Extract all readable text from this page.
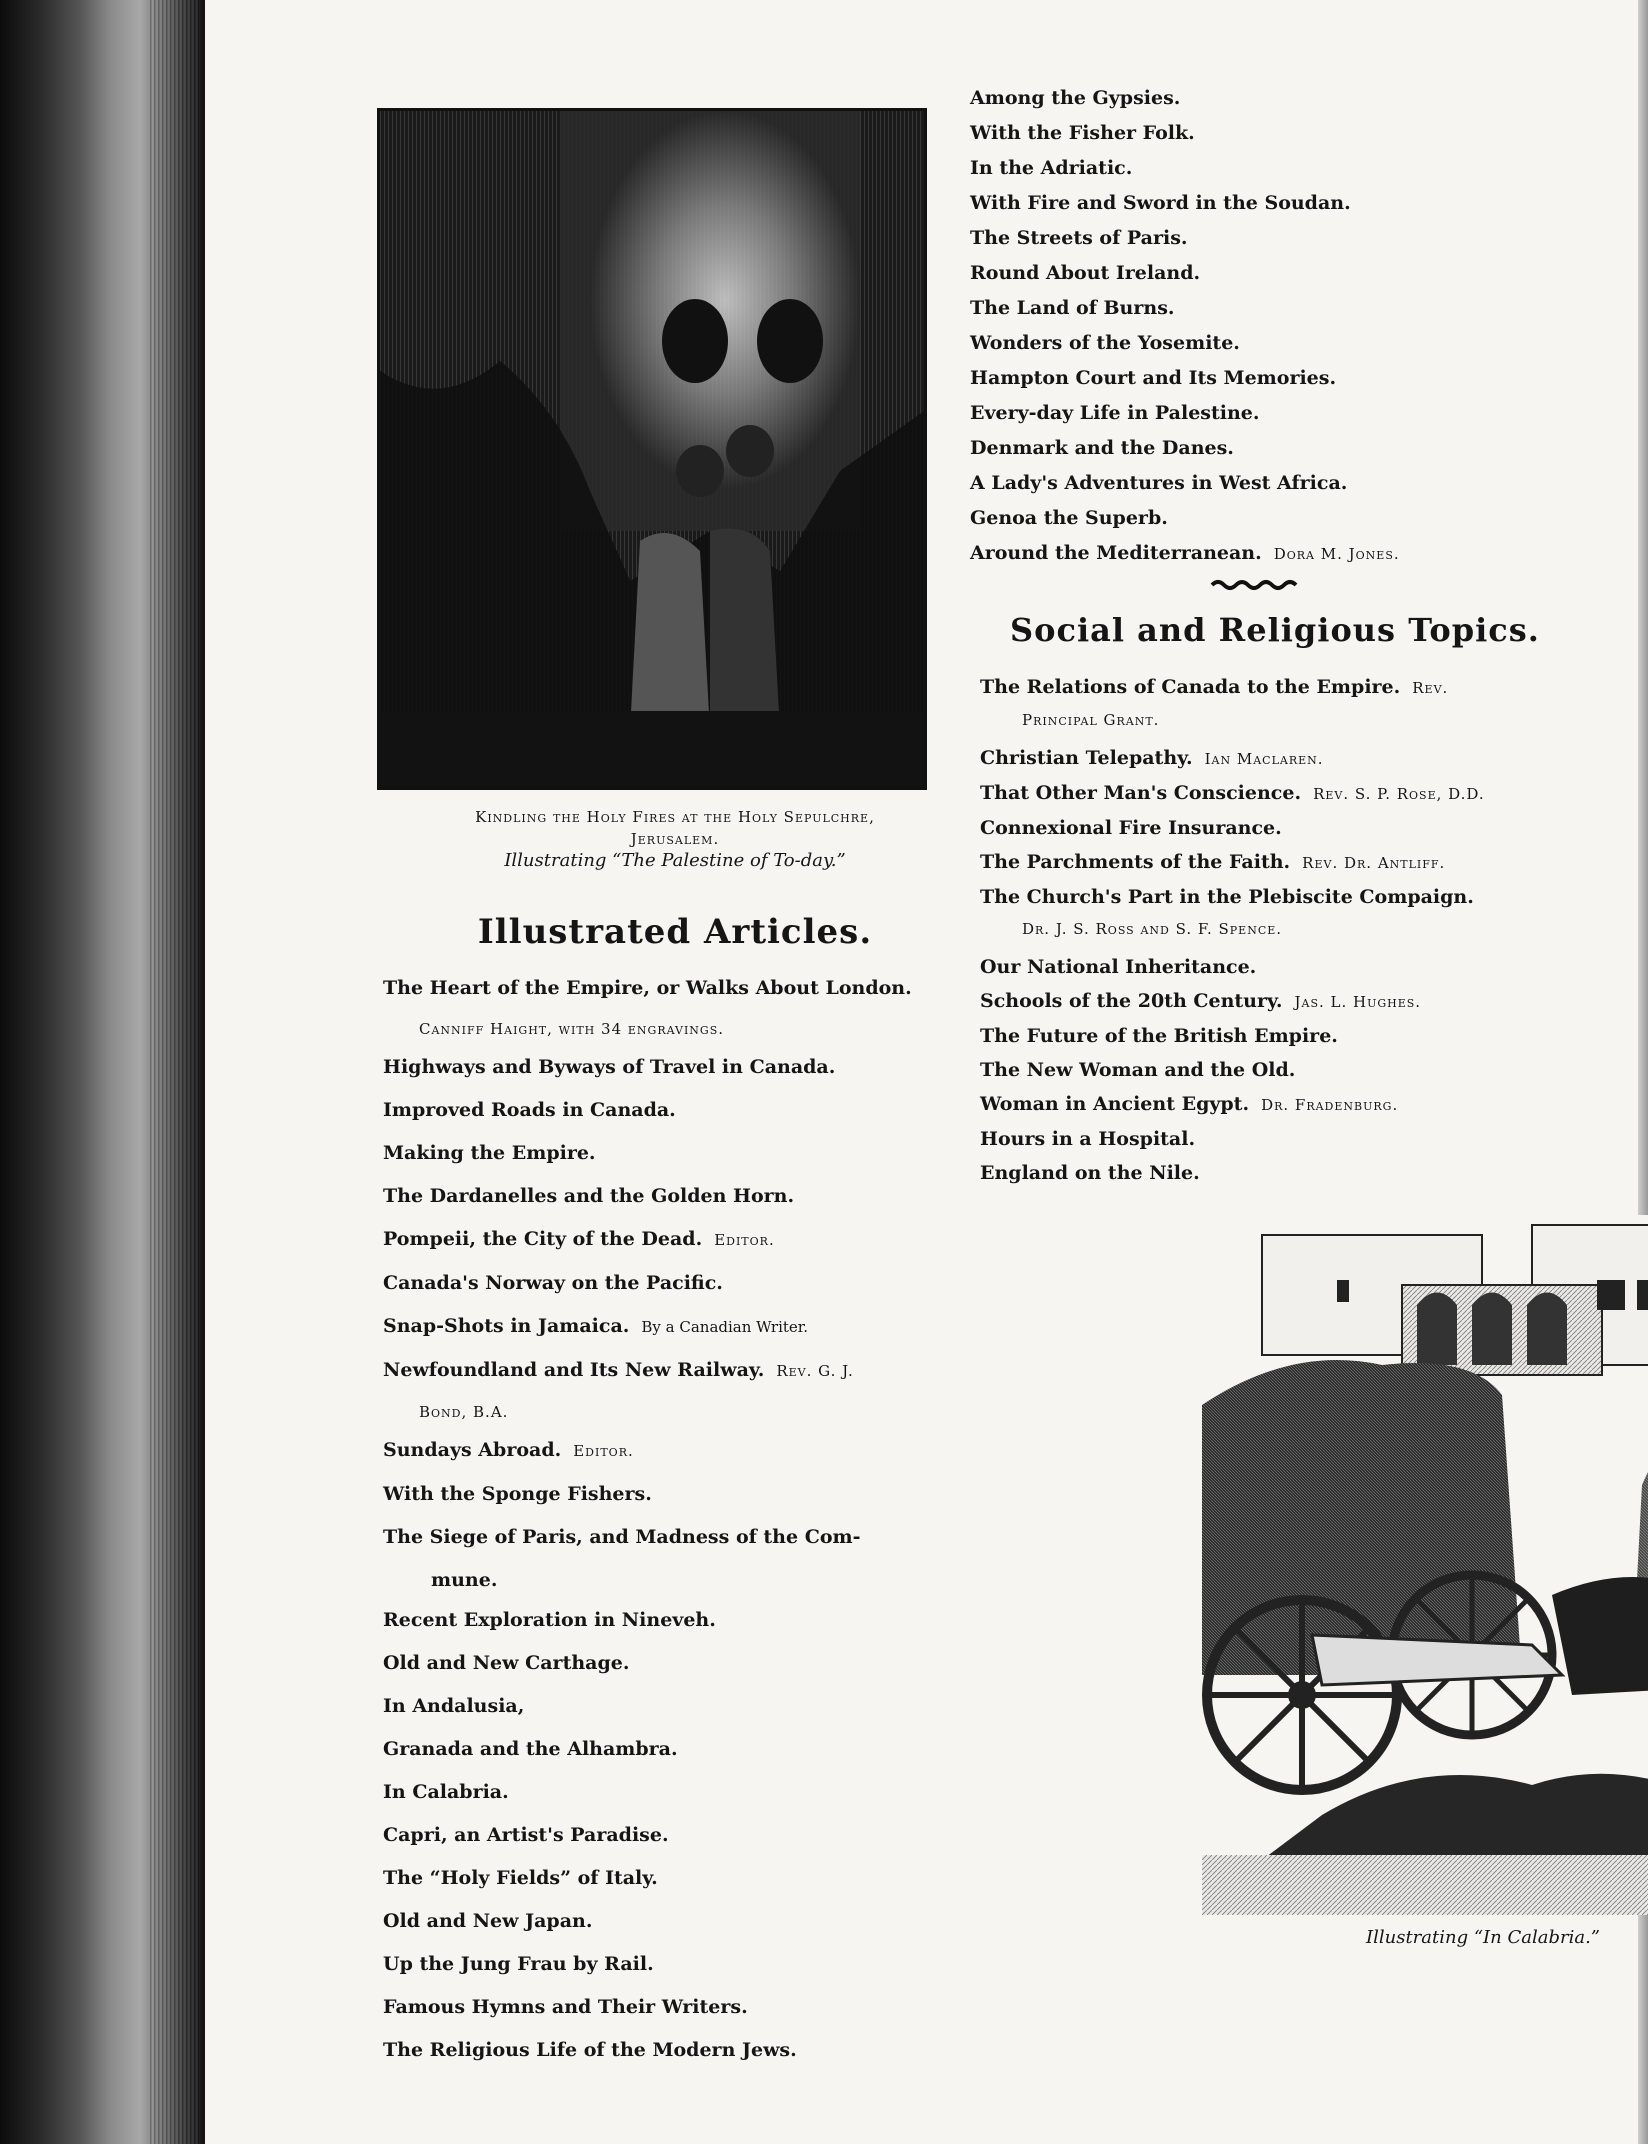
Kindling the Holy Fires at the Holy Sepulchre,
Jerusalem.
Illustrating “The Palestine of To-day.”
Illustrated Articles.

The Heart of the Empire, or Walks About London.

Canniff Haight, with 34 engravings.

Highways and Byways of Travel in Canada.

Improved Roads in Canada.

Making the Empire.

The Dardanelles and the Golden Horn.

Pompeii, the City of the Dead. Editor.

Canada's Norway on the Pacific.

Snap-Shots in Jamaica. By a Canadian Writer.

Newfoundland and Its New Railway. Rev. G. J.

Bond, B.A.

Sundays Abroad. Editor.

With the Sponge Fishers.

The Siege of Paris, and Madness of the Com-

mune.

Recent Exploration in Nineveh.

Old and New Carthage.

In Andalusia,

Granada and the Alhambra.

In Calabria.

Capri, an Artist's Paradise.

The “Holy Fields” of Italy.

Old and New Japan.

Up the Jung Frau by Rail.

Famous Hymns and Their Writers.

The Religious Life of the Modern Jews.

Among the Gypsies.

With the Fisher Folk.

In the Adriatic.

With Fire and Sword in the Soudan.

The Streets of Paris.

Round About Ireland.

The Land of Burns.

Wonders of the Yosemite.

Hampton Court and Its Memories.

Every-day Life in Palestine.

Denmark and the Danes.

A Lady's Adventures in West Africa.

Genoa the Superb.

Around the Mediterranean. Dora M. Jones.

Social and Religious Topics.

The Relations of Canada to the Empire. Rev.

Principal Grant.

Christian Telepathy. Ian Maclaren.

That Other Man's Conscience. Rev. S. P. Rose, D.D.

Connexional Fire Insurance.

The Parchments of the Faith. Rev. Dr. Antliff.

The Church's Part in the Plebiscite Compaign.

Dr. J. S. Ross and S. F. Spence.

Our National Inheritance.

Schools of the 20th Century. Jas. L. Hughes.

The Future of the British Empire.

The New Woman and the Old.

Woman in Ancient Egypt. Dr. Fradenburg.

Hours in a Hospital.

England on the Nile.

Illustrating “In Calabria.”
